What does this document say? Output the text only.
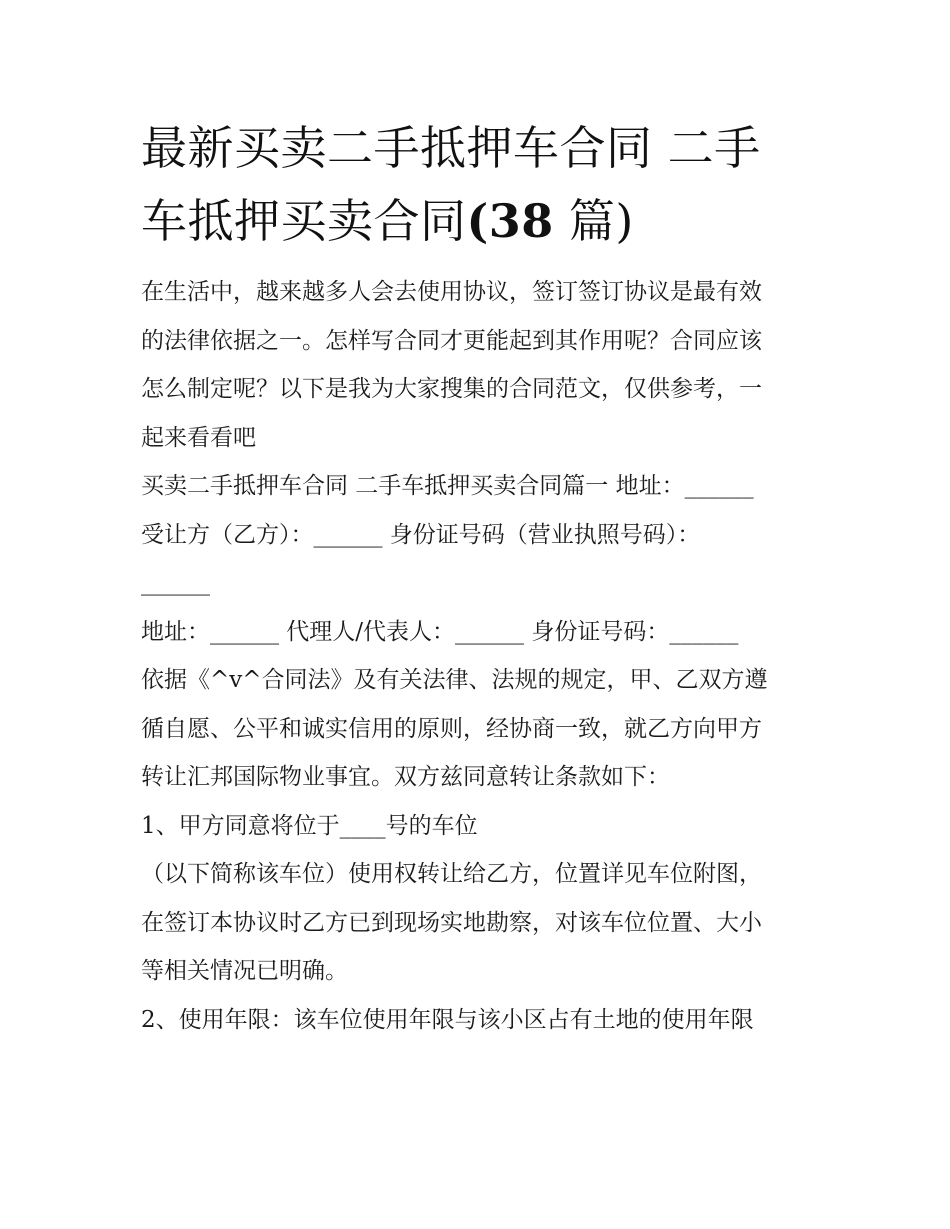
最新买卖二手抵押车合同 二手
车抵押买卖合同(38 篇)
在生活中，越来越多人会去使用协议，签订签订协议是最有效
的法律依据之一。怎样写合同才更能起到其作用呢？合同应该
怎么制定呢？以下是我为大家搜集的合同范文，仅供参考，一
起来看看吧
买卖二手抵押车合同 二手车抵押买卖合同篇一 地址：______
受让方（乙方）：______ 身份证号码（营业执照号码）：
______
地址：______ 代理人/代表人：______ 身份证号码：______
依据《^v^合同法》及有关法律、法规的规定，甲、乙双方遵
循自愿、公平和诚实信用的原则，经协商一致，就乙方向甲方
转让汇邦国际物业事宜。双方兹同意转让条款如下：
1、甲方同意将位于____号的车位
（以下简称该车位）使用权转让给乙方，位置详见车位附图，
在签订本协议时乙方已到现场实地勘察，对该车位位置、大小
等相关情况已明确。
2、使用年限：该车位使用年限与该小区占有土地的使用年限
